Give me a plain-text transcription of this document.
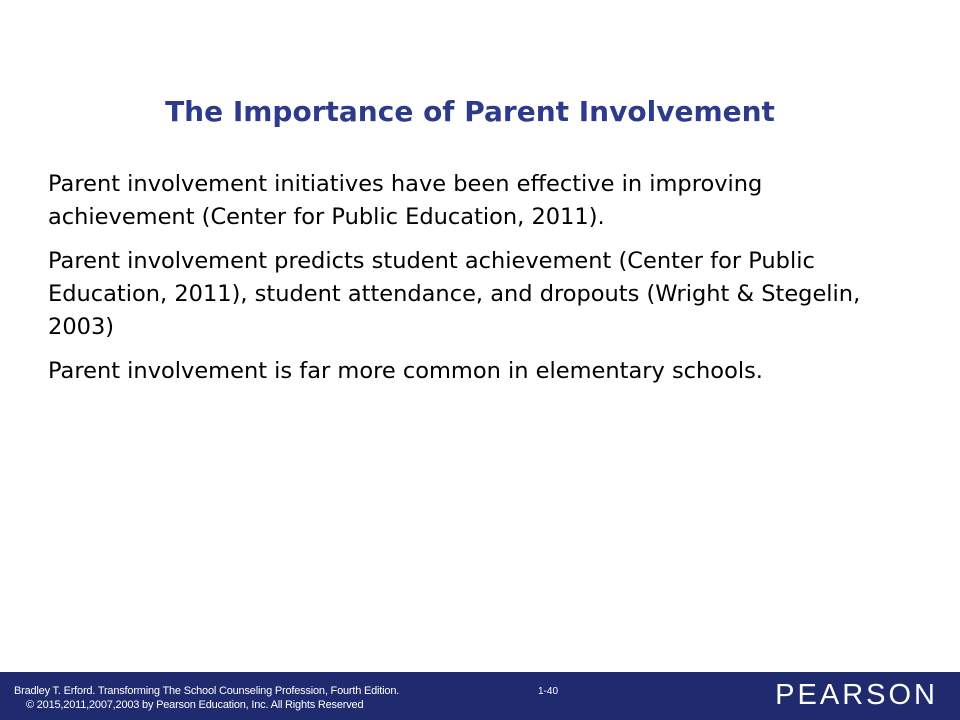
The Importance of Parent Involvement
Parent involvement initiatives have been effective in improving achievement (Center for Public Education, 2011).
Parent involvement predicts student achievement (Center for Public Education, 2011), student attendance, and dropouts (Wright & Stegelin, 2003)
Parent involvement is far more common in elementary schools.
Bradley T. Erford. Transforming The School Counseling Profession, Fourth Edition.
© 2015,2011,2007,2003 by Pearson Education, Inc. All Rights Reserved
1-40	PEARSON
